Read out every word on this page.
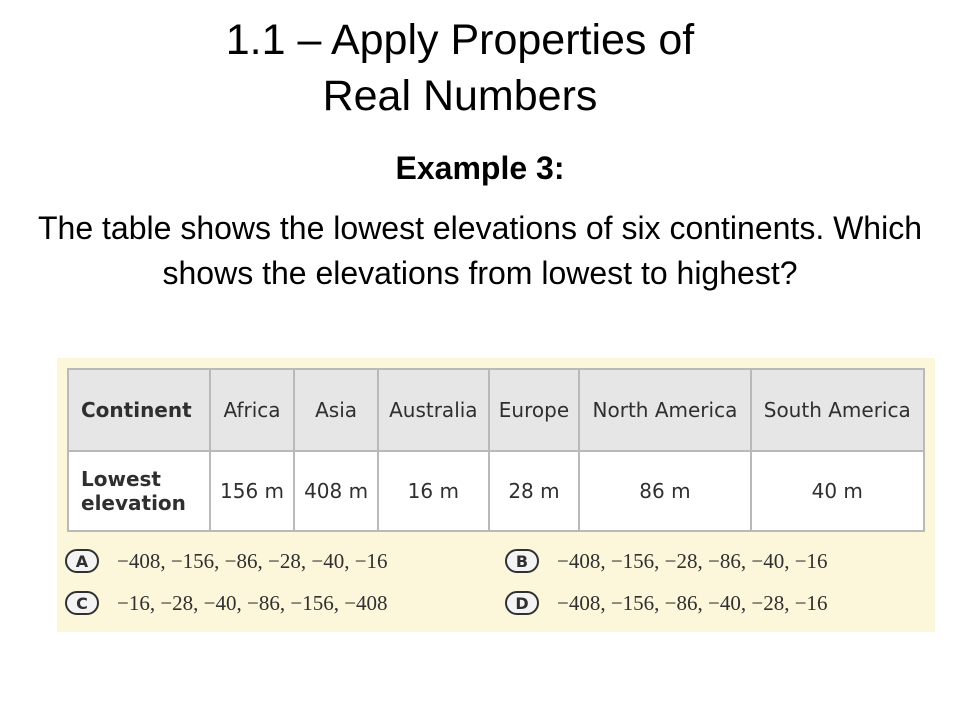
1.1 – Apply Properties of
Real Numbers
Example 3:
The table shows the lowest elevations of six continents. Which shows the elevations from lowest to highest?
Continent	Africa	Asia	Australia	Europe	North America	South America
Lowest elevation	156 m	408 m	16 m	28 m	86 m	40 m
A	−408, −156, −86, −28, −40, −16	B	−408, −156, −28, −86, −40, −16
C	−16, −28, −40, −86, −156, −408	D	−408, −156, −86, −40, −28, −16
